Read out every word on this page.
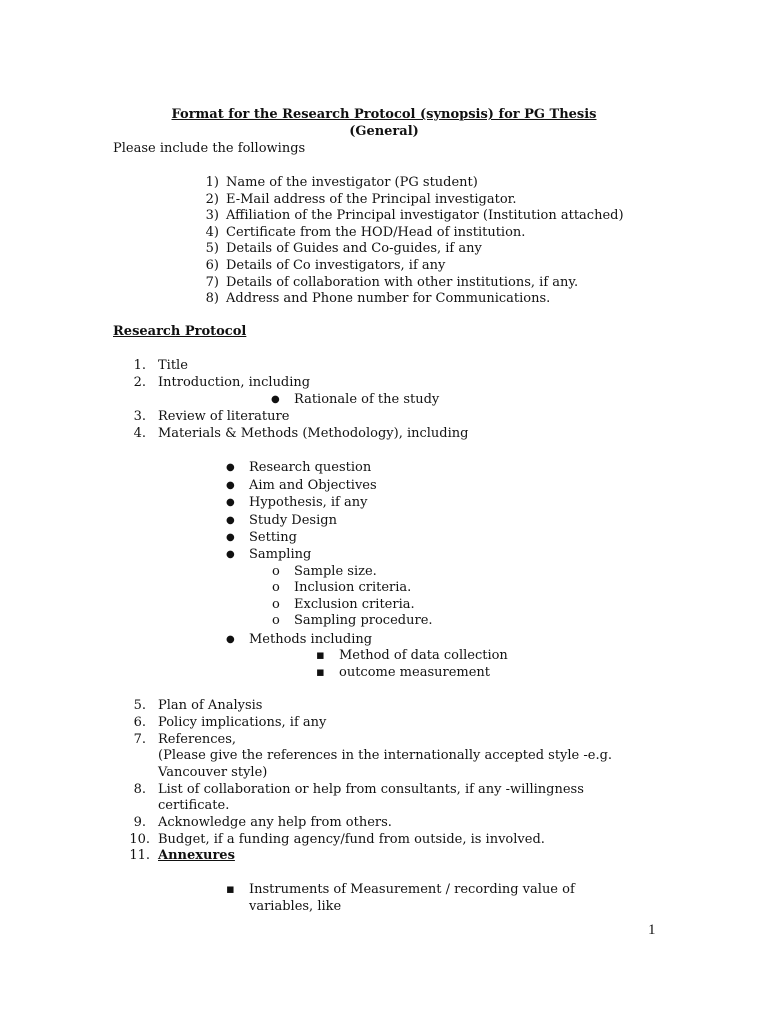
Format for the Research Protocol (synopsis) for PG Thesis
(General)
Please include the followings
1) Name of the investigator (PG student)
2) E-Mail address of the Principal investigator.
3) Affiliation of the Principal investigator (Institution attached)
4) Certificate from the HOD/Head of institution.
5) Details of Guides and Co-guides, if any
6) Details of Co investigators, if any
7) Details of collaboration with other institutions, if any.
8) Address and Phone number for Communications.
Research Protocol
1. Title
2. Introduction, including
● Rationale of the study
3. Review of literature
4. Materials & Methods (Methodology), including
● Research question
● Aim and Objectives
● Hypothesis, if any
● Study Design
● Setting
● Sampling
o Sample size.
o Inclusion criteria.
o Exclusion criteria.
o Sampling procedure.
● Methods including
▪ Method of data collection
▪ outcome measurement
5. Plan of Analysis
6. Policy implications, if any
7. References,
(Please give the references in the internationally accepted style -e.g.
Vancouver style)
8. List of collaboration or help from consultants, if any -willingness
certificate.
9. Acknowledge any help from others.
10. Budget, if a funding agency/fund from outside, is involved.
11. Annexures
▪ Instruments of Measurement / recording value of
variables, like
1
